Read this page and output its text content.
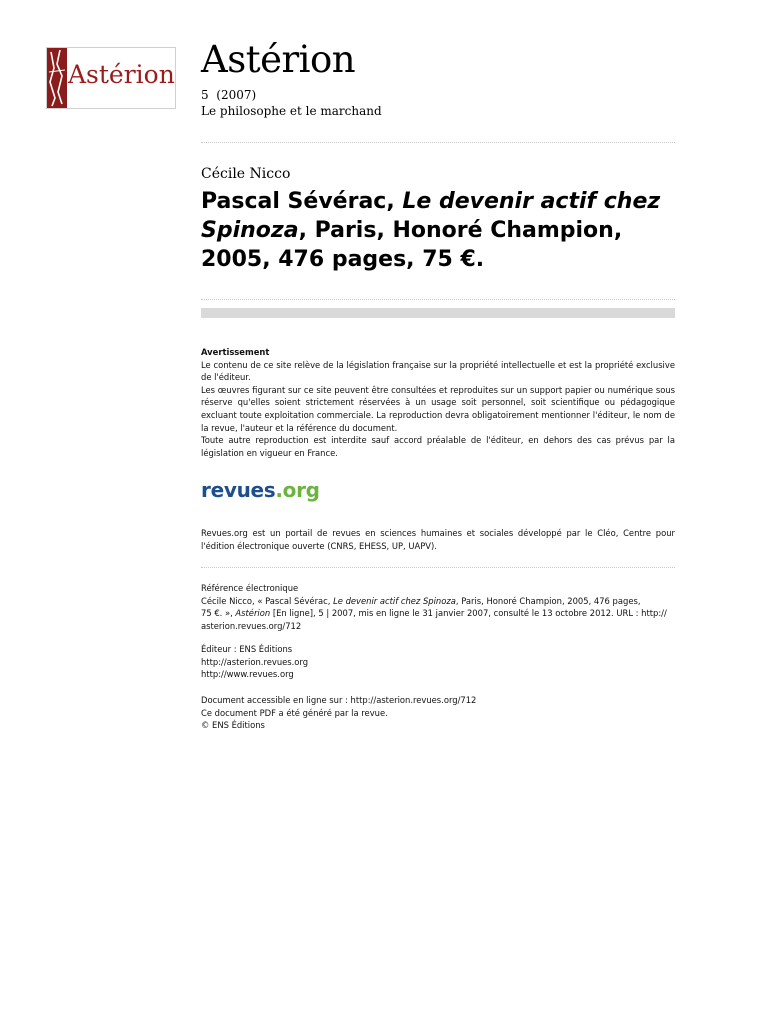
Astérion Astérion
5  (2007)
Le philosophe et le marchand
Cécile Nicco
Pascal Sévérac, Le devenir actif chez Spinoza, Paris, Honoré Champion, 2005, 476 pages, 75 €.
Avertissement

Le contenu de ce site relève de la législation française sur la propriété intellectuelle et est la propriété exclusive de l'éditeur.

Les œuvres figurant sur ce site peuvent être consultées et reproduites sur un support papier ou numérique sous réserve qu'elles soient strictement réservées à un usage soit personnel, soit scientifique ou pédagogique excluant toute exploitation commerciale. La reproduction devra obligatoirement mentionner l'éditeur, le nom de la revue, l'auteur et la référence du document.

Toute autre reproduction est interdite sauf accord préalable de l'éditeur, en dehors des cas prévus par la législation en vigueur en France.

revues.org
Revues.org est un portail de revues en sciences humaines et sociales développé par le Cléo, Centre pour l'édition électronique ouverte (CNRS, EHESS, UP, UAPV).
Référence électronique
Cécile Nicco, « Pascal Sévérac, Le devenir actif chez Spinoza, Paris, Honoré Champion, 2005, 476 pages,
75 €. », Astérion [En ligne], 5 | 2007, mis en ligne le 31 janvier 2007, consulté le 13 octobre 2012. URL : http://
asterion.revues.org/712
Éditeur : ENS Éditions
http://asterion.revues.org
http://www.revues.org
Document accessible en ligne sur : http://asterion.revues.org/712
Ce document PDF a été généré par la revue.
© ENS Éditions
